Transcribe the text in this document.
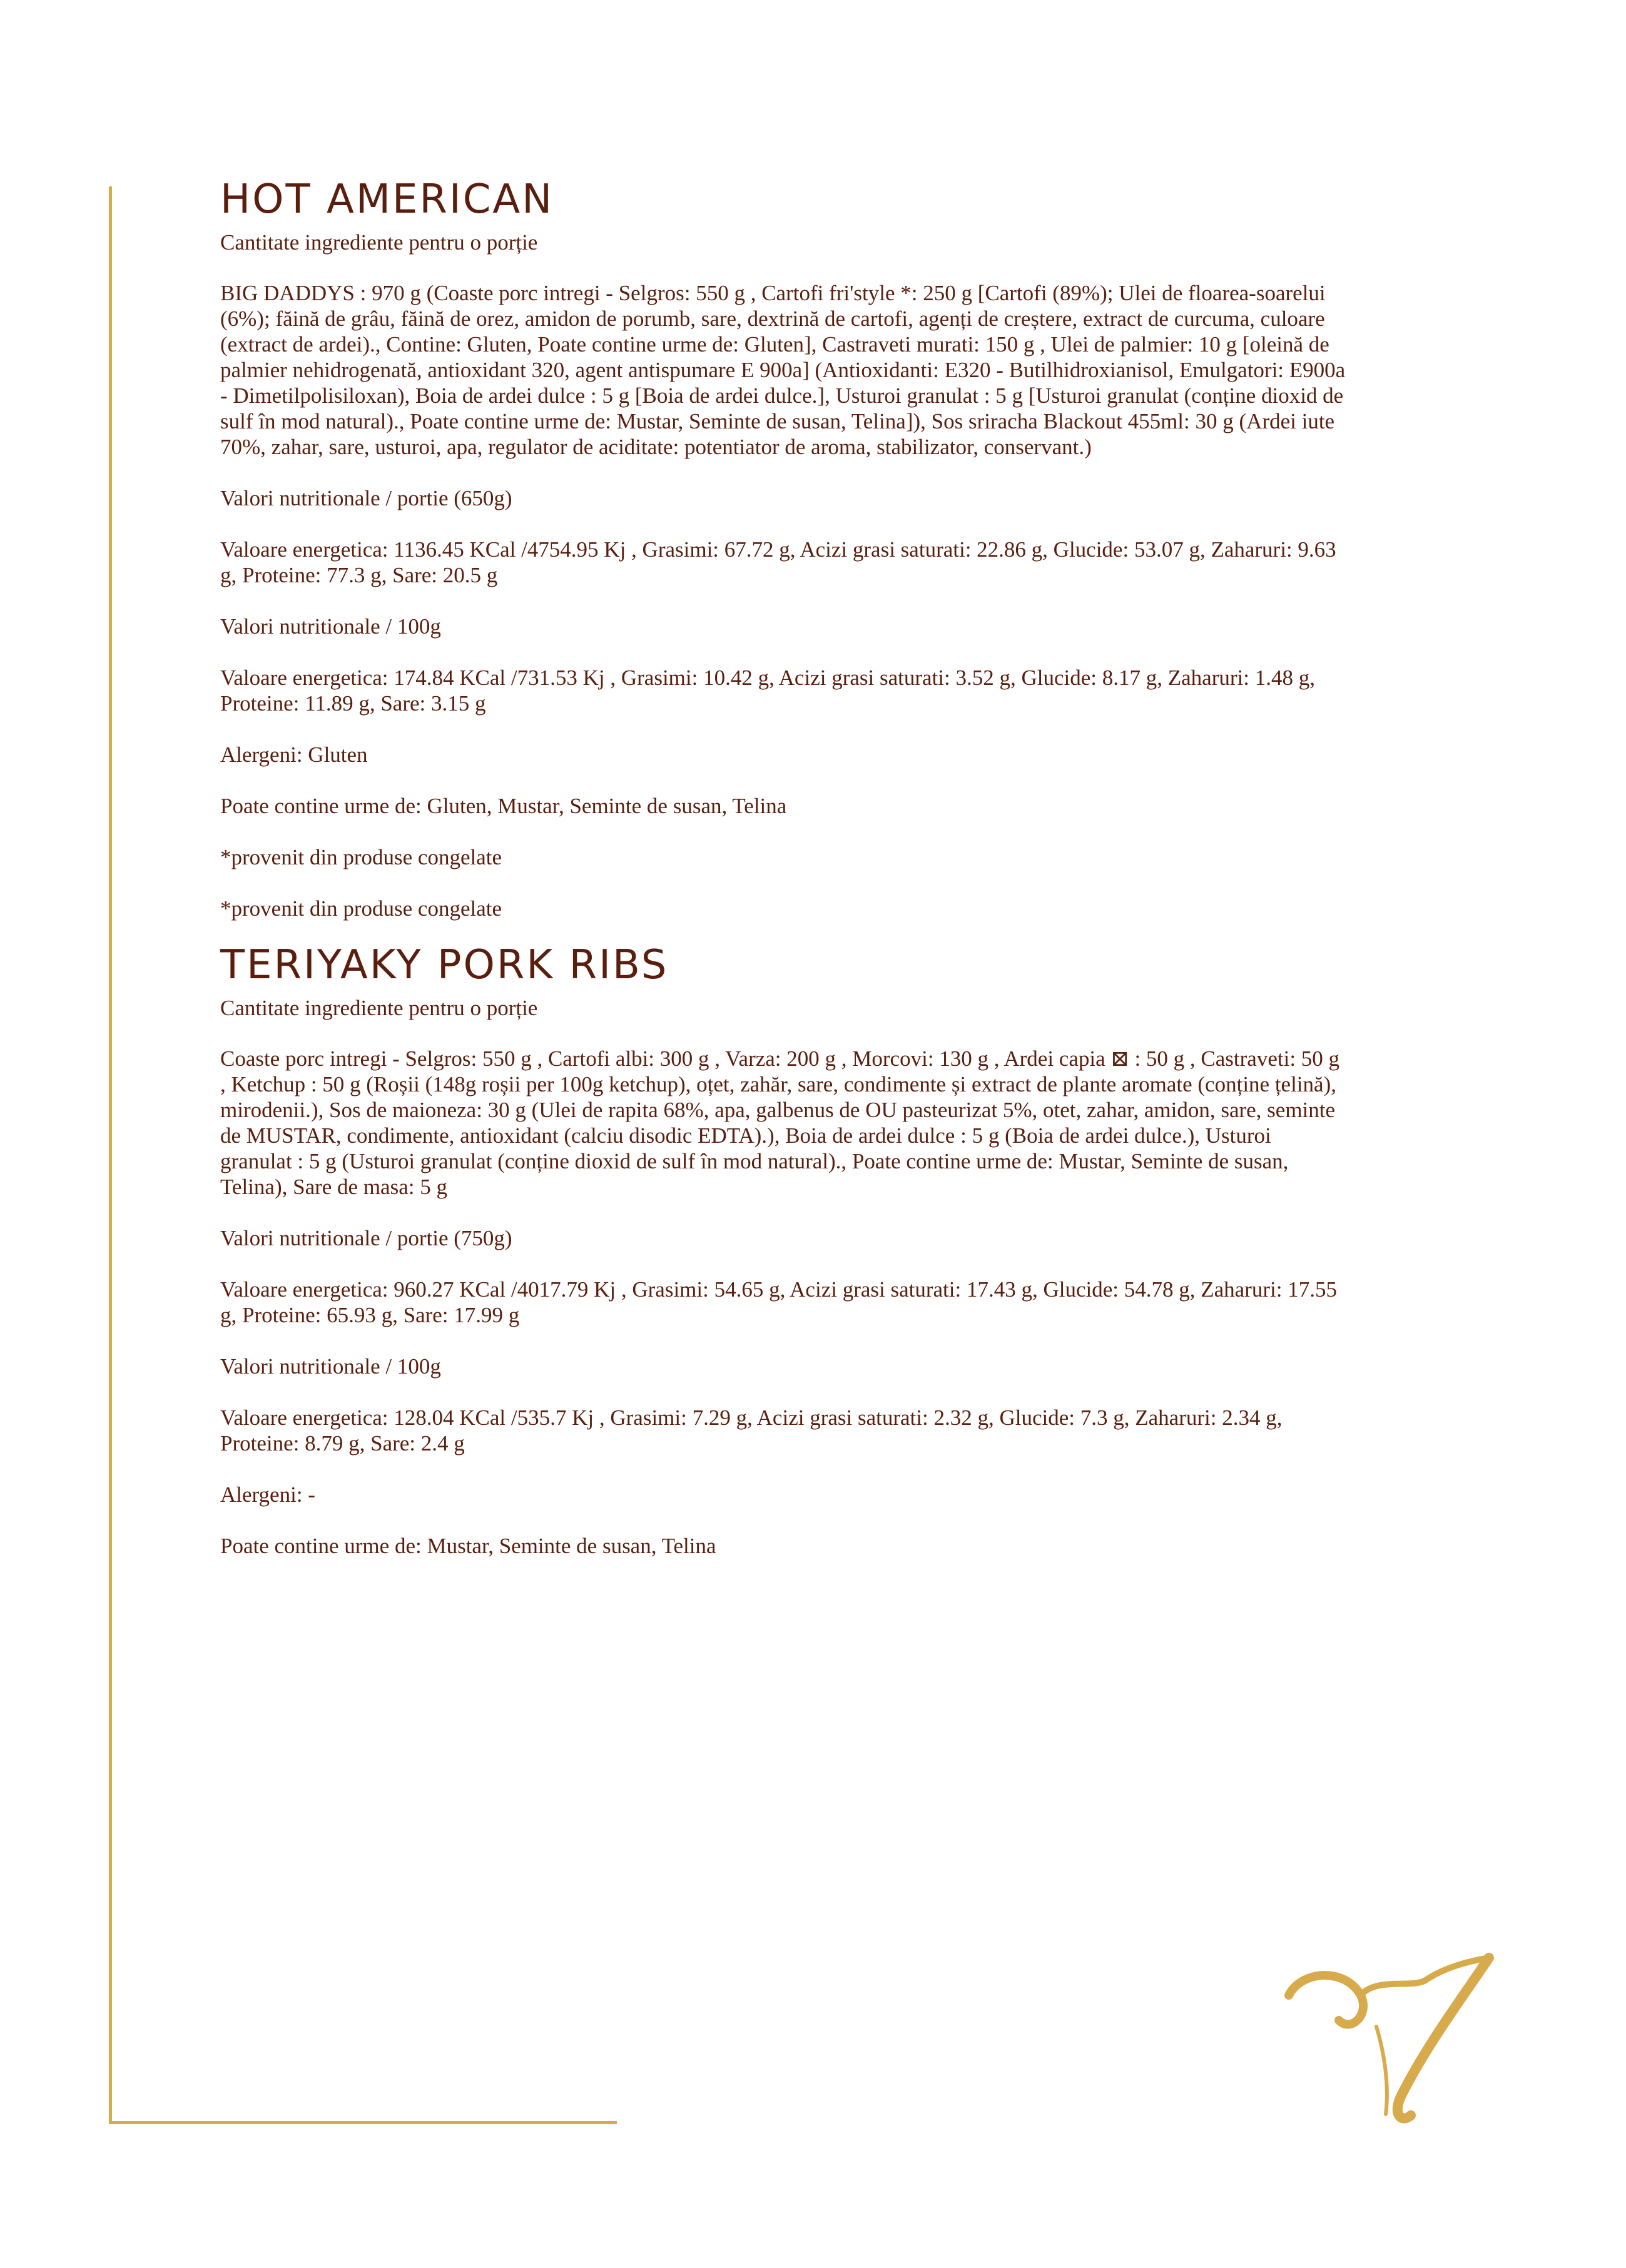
HOT AMERICAN
Cantitate ingrediente pentru o porție

BIG DADDYS : 970 g (Coaste porc intregi - Selgros: 550 g , Cartofi fri'style *: 250 g [Cartofi (89%); Ulei de floarea-soarelui
(6%); făină de grâu, făină de orez, amidon de porumb, sare, dextrină de cartofi, agenți de creștere, extract de curcuma, culoare
(extract de ardei)., Contine: Gluten, Poate contine urme de: Gluten], Castraveti murati: 150 g , Ulei de palmier: 10 g [oleină de
palmier nehidrogenată, antioxidant 320, agent antispumare E 900a] (Antioxidanti: E320 - Butilhidroxianisol, Emulgatori: E900a
- Dimetilpolisiloxan), Boia de ardei dulce : 5 g [Boia de ardei dulce.], Usturoi granulat : 5 g [Usturoi granulat (conține dioxid de
sulf în mod natural)., Poate contine urme de: Mustar, Seminte de susan, Telina]), Sos sriracha Blackout 455ml: 30 g (Ardei iute
70%, zahar, sare, usturoi, apa, regulator de aciditate: potentiator de aroma, stabilizator, conservant.)

Valori nutritionale / portie (650g)

Valoare energetica: 1136.45 KCal /4754.95 Kj , Grasimi: 67.72 g, Acizi grasi saturati: 22.86 g, Glucide: 53.07 g, Zaharuri: 9.63
g, Proteine: 77.3 g, Sare: 20.5 g

Valori nutritionale / 100g

Valoare energetica: 174.84 KCal /731.53 Kj , Grasimi: 10.42 g, Acizi grasi saturati: 3.52 g, Glucide: 8.17 g, Zaharuri: 1.48 g,
Proteine: 11.89 g, Sare: 3.15 g

Alergeni: Gluten

Poate contine urme de: Gluten, Mustar, Seminte de susan, Telina

*provenit din produse congelate

*provenit din produse congelate

TERIYAKY PORK RIBS
Cantitate ingrediente pentru o porție

Coaste porc intregi - Selgros: 550 g , Cartofi albi: 300 g , Varza: 200 g , Morcovi: 130 g , Ardei capia ⊠ : 50 g , Castraveti: 50 g
, Ketchup : 50 g (Roșii (148g roșii per 100g ketchup), oțet, zahăr, sare, condimente și extract de plante aromate (conține țelină),
mirodenii.), Sos de maioneza: 30 g (Ulei de rapita 68%, apa, galbenus de OU pasteurizat 5%, otet, zahar, amidon, sare, seminte
de MUSTAR, condimente, antioxidant (calciu disodic EDTA).), Boia de ardei dulce : 5 g (Boia de ardei dulce.), Usturoi
granulat : 5 g (Usturoi granulat (conține dioxid de sulf în mod natural)., Poate contine urme de: Mustar, Seminte de susan,
Telina), Sare de masa: 5 g

Valori nutritionale / portie (750g)

Valoare energetica: 960.27 KCal /4017.79 Kj , Grasimi: 54.65 g, Acizi grasi saturati: 17.43 g, Glucide: 54.78 g, Zaharuri: 17.55
g, Proteine: 65.93 g, Sare: 17.99 g

Valori nutritionale / 100g

Valoare energetica: 128.04 KCal /535.7 Kj , Grasimi: 7.29 g, Acizi grasi saturati: 2.32 g, Glucide: 7.3 g, Zaharuri: 2.34 g,
Proteine: 8.79 g, Sare: 2.4 g

Alergeni: -

Poate contine urme de: Mustar, Seminte de susan, Telina
